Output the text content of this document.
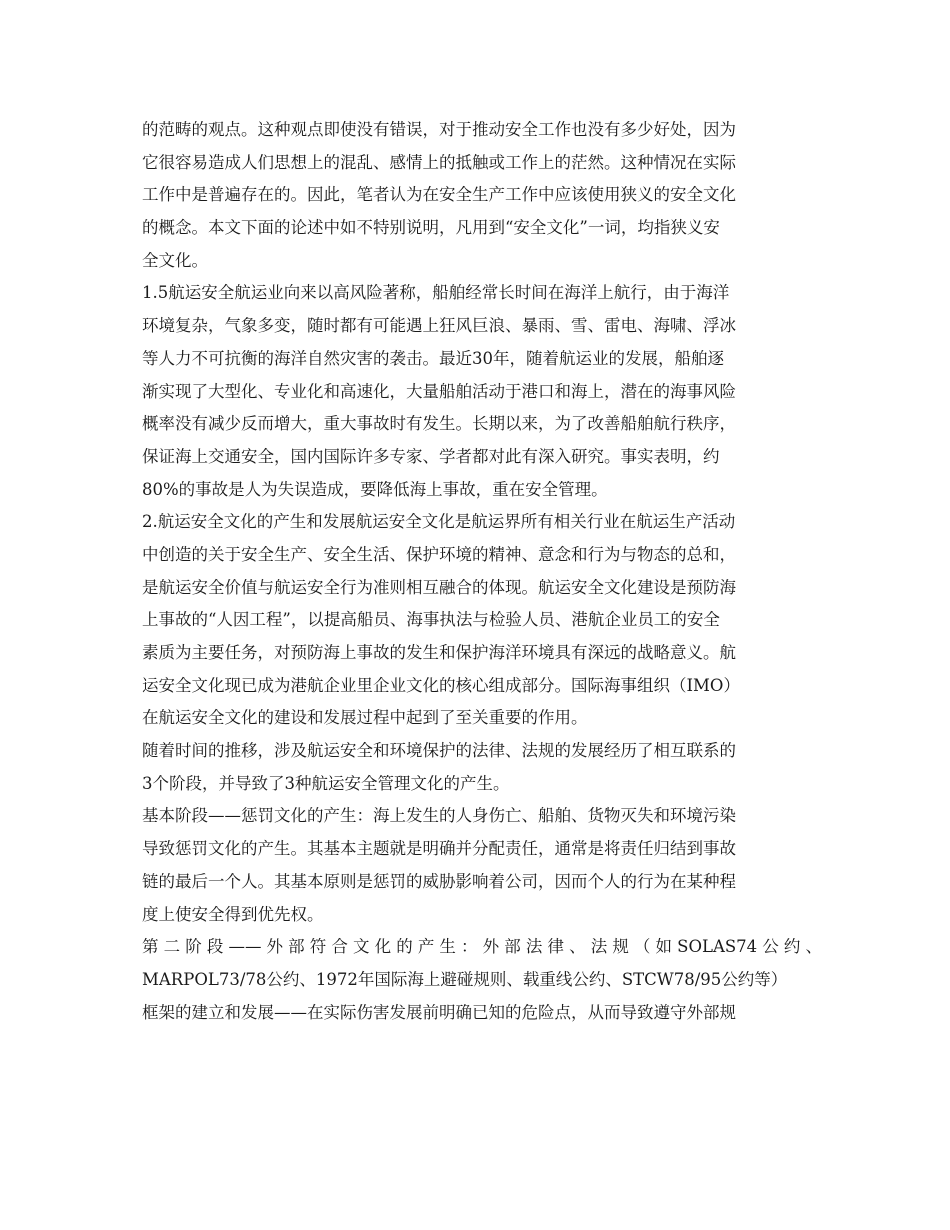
的范畴的观点。这种观点即使没有错误，对于推动安全工作也没有多少好处，因为
它很容易造成人们思想上的混乱、感情上的抵触或工作上的茫然。这种情况在实际
工作中是普遍存在的。因此，笔者认为在安全生产工作中应该使用狭义的安全文化
的概念。本文下面的论述中如不特别说明，凡用到“安全文化”一词，均指狭义安
全文化。
1.5航运安全航运业向来以高风险著称，船舶经常长时间在海洋上航行，由于海洋
环境复杂，气象多变，随时都有可能遇上狂风巨浪、暴雨、雪、雷电、海啸、浮冰
等人力不可抗衡的海洋自然灾害的袭击。最近30年，随着航运业的发展，船舶逐
渐实现了大型化、专业化和高速化，大量船舶活动于港口和海上，潜在的海事风险
概率没有减少反而增大，重大事故时有发生。长期以来，为了改善船舶航行秩序，
保证海上交通安全，国内国际许多专家、学者都对此有深入研究。事实表明，约
80%的事故是人为失误造成，要降低海上事故，重在安全管理。
2.航运安全文化的产生和发展航运安全文化是航运界所有相关行业在航运生产活动
中创造的关于安全生产、安全生活、保护环境的精神、意念和行为与物态的总和，
是航运安全价值与航运安全行为准则相互融合的体现。航运安全文化建设是预防海
上事故的“人因工程”，以提高船员、海事执法与检验人员、港航企业员工的安全
素质为主要任务，对预防海上事故的发生和保护海洋环境具有深远的战略意义。航
运安全文化现已成为港航企业里企业文化的核心组成部分。国际海事组织（IMO）
在航运安全文化的建设和发展过程中起到了至关重要的作用。
随着时间的推移，涉及航运安全和环境保护的法律、法规的发展经历了相互联系的
3个阶段，并导致了3种航运安全管理文化的产生。
基本阶段——惩罚文化的产生：海上发生的人身伤亡、船舶、货物灭失和环境污染
导致惩罚文化的产生。其基本主题就是明确并分配责任，通常是将责任归结到事故
链的最后一个人。其基本原则是惩罚的威胁影响着公司，因而个人的行为在某种程
度上使安全得到优先权。
第二阶段——外部符合文化的产生：外部法律、法规（如SOLAS74公约、
MARPOL73/78公约、1972年国际海上避碰规则、载重线公约、STCW78/95公约等）
框架的建立和发展——在实际伤害发展前明确已知的危险点，从而导致遵守外部规
